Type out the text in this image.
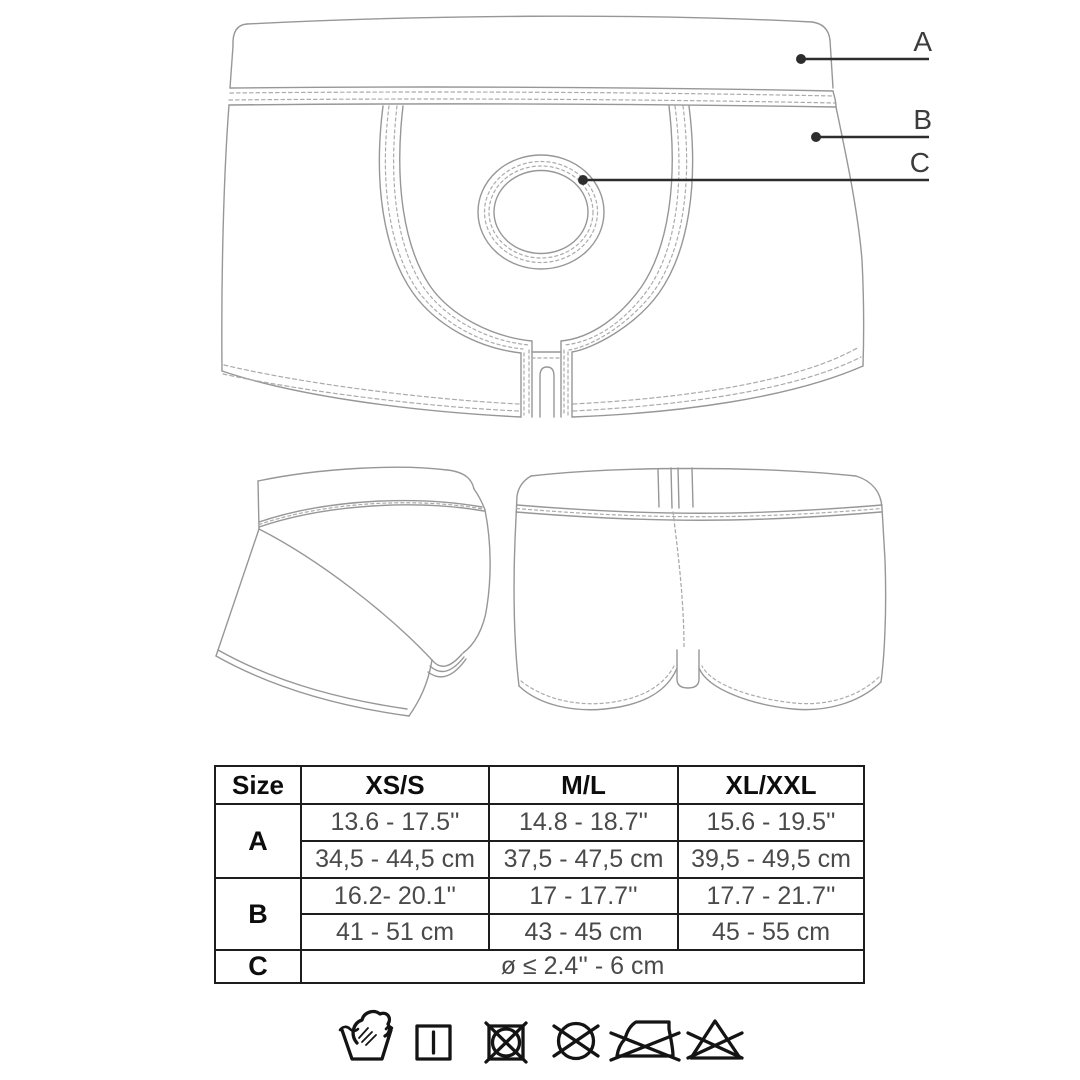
A
B
C
Size	XS/S	M/L	XL/XXL
A	13.6 - 17.5''	14.8 - 18.7''	15.6 - 19.5''
	34,5 - 44,5 cm	37,5 - 47,5 cm	39,5 - 49,5 cm
B	16.2- 20.1''	17 - 17.7''	17.7 - 21.7''
	41 - 51 cm	43 - 45 cm	45 - 55 cm
C	ø ≤ 2.4'' - 6 cm		
